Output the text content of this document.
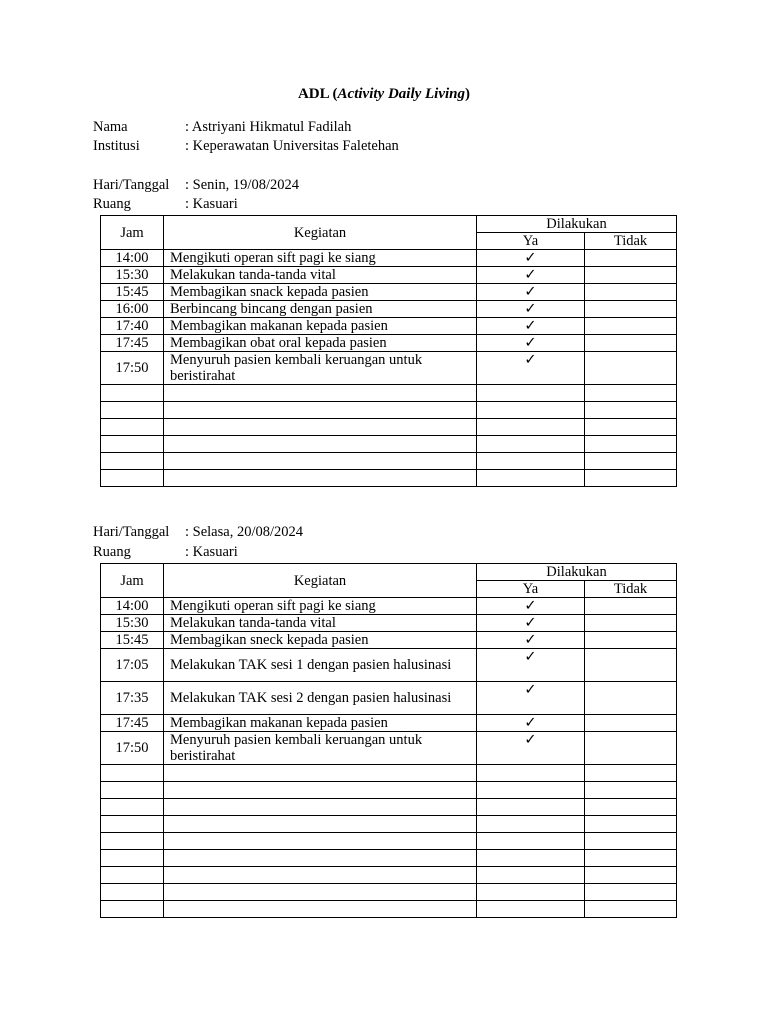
ADL (Activity Daily Living)
Nama	: Astriyani Hikmatul Fadilah
Institusi	: Keperawatan Universitas Faletehan
Hari/Tanggal : Senin, 19/08/2024
Ruang	: Kasuari
Jam	Kegiatan	Dilakukan	
		Ya	Tidak
14:00	Mengikuti operan sift pagi ke siang	✓	
15:30	Melakukan tanda-tanda vital	✓	
15:45	Membagikan snack kepada pasien	✓	
16:00	Berbincang bincang dengan pasien	✓	
17:40	Membagikan makanan kepada pasien	✓	
17:45	Membagikan obat oral kepada pasien	✓	
17:50	Menyuruh pasien kembali keruangan untuk beristirahat	✓	

Hari/Tanggal : Selasa, 20/08/2024
Ruang	: Kasuari
Jam	Kegiatan	Dilakukan	
		Ya	Tidak
14:00	Mengikuti operan sift pagi ke siang	✓	
15:30	Melakukan tanda-tanda vital	✓	
15:45	Membagikan sneck kepada pasien	✓	
17:05	Melakukan TAK sesi 1 dengan pasien halusinasi	✓	
17:35	Melakukan TAK sesi 2 dengan pasien halusinasi	✓	
17:45	Membagikan makanan kepada pasien	✓	
17:50	Menyuruh pasien kembali keruangan untuk beristirahat	✓	
